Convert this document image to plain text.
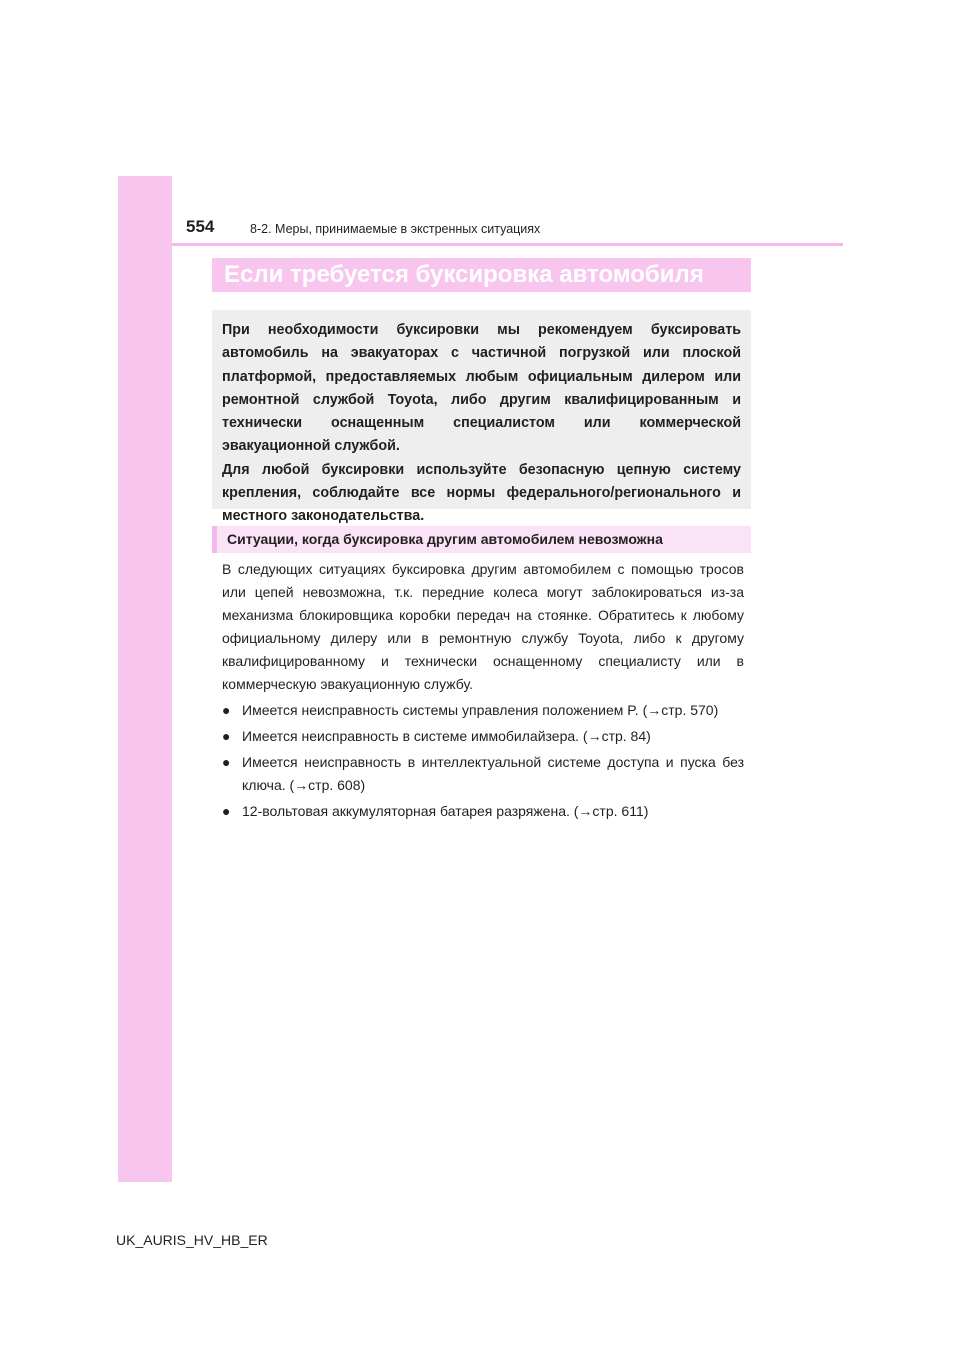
554	8-2. Меры, принимаемые в экстренных ситуациях
Если требуется буксировка автомобиля

При необходимости буксировки мы рекомендуем буксировать автомобиль на эвакуаторах с частичной погрузкой или плоской платформой, предоставляемых любым официальным дилером или ремонтной службой Toyota, либо другим квалифицированным и технически оснащенным специалистом или коммерческой эвакуационной службой.

Для любой буксировки используйте безопасную цепную систему крепления, соблюдайте все нормы федерального/регионального и местного законодательства.

Ситуации, когда буксировка другим автомобилем невозможна

В следующих ситуациях буксировка другим автомобилем с помощью тросов или цепей невозможна, т.к. передние колеса могут заблокироваться из-за механизма блокировщика коробки передач на стоянке. Обратитесь к любому официальному дилеру или в ремонтную службу Toyota, либо к другому квалифицированному и технически оснащенному специалисту или в коммерческую эвакуационную службу.

● Имеется неисправность системы управления положением P. (→стр. 570)

● Имеется неисправность в системе иммобилайзера. (→стр. 84)

● Имеется неисправность в интеллектуальной системе доступа и пуска без ключа. (→стр. 608)

● 12-вольтовая аккумуляторная батарея разряжена. (→стр. 611)

UK_AURIS_HV_HB_ER
